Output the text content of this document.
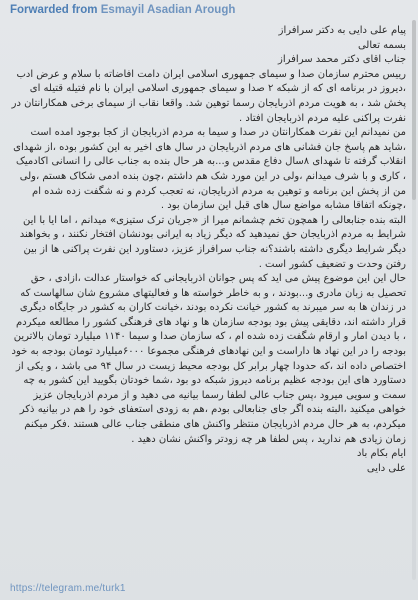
Forwarded from Esmayil Asadian Arough

پیام علی دایی به دکتر سرافراز

بسمه تعالی

جناب اقای دکتر محمد سرافراز

رییس محترم سازمان صدا و سیمای جمهوری اسلامی ایران دامت افاضاته با سلام و عرض ادب ،دیروز در برنامه ای که از شبکه ۲ صدا و سیمای جمهوری اسلامی ایران با نام فتیله قتیله ای پخش شد ، به هویت مردم اذربایجان رسما توهین شد. واقعا نقاب از سیمای برخی همکارانتان در نفرت پراکنی علیه مردم اذربایجان افتاد .

من نمیدانم این نفرت همکارانتان در صدا و سیما به مردم اذربایجان از کجا بوجود امده است ،شاید هم پاسخ جان فشانی های مردم اذربایجان در سال های اخیر به این کشور بوده ،از شهدای انقلاب گرفته تا شهدای ۸سال دفاع مقدس و...به هر حال بنده به جناب عالی را انسانی اکادمیک ، کاری و با شرف میدانم ،ولی در این مورد شک هم داشتم ،چون بنده ادمی شکاک هستم ،ولی من از پخش این برنامه و توهین به مردم اذربایجان، نه تعجب کردم و نه شگفت زده شده ام ،چونکه اتفاقا مشابه مواضع سال های قبل این سازمان بود .

البته بنده جنابعالی را همچون تخم چشمانم میرا از «جریان ترک ستیزی» میدانم ، اما ایا با این شرایط به مردم اذربایجان حق نمیدهید که دیگر زیاد به ایرانی بودنشان افتخار نکنند ، و بخواهند دیگر شرایط دیگری داشته باشند؟نه جناب سرافراز عزیز، دستاورد این نفرت پراکنی ها از بین رفتن وحدت و تضعیف کشور است .

حال این این موضوع پیش می اید که پس جوانان اذربایجانی که خواستار عدالت ،ازادی ، حق تحصیل به زبان مادری و...بودند ، و به خاطر خواسته ها و فعالیتهای مشروع شان سالهاست که در زندان ها به سر میبرند به کشور خیانت نکرده بودند ،خیانت کاران به کشور در جایگاه دیگری قرار داشته اند، دقایقی پیش بود بودجه سازمان ها و نهاد های فرهنگی کشور را مطالعه میکردم ، با دیدن امار و ارقام شگفت زده شده ام ، که سازمان صدا و سیما ۱۱۴۰ میلیارد تومان بالاترین بودجه را در این نهاد ها داراست و این نهادهای فرهنگی مجموعا ۶۰۰۰میلیارد تومان بودجه به خود اختصاص داده اند ،که حدودا چهار برابر کل بودجه محیط زیست در سال ۹۴ می باشد ، و یکی از دستاورد های این بودجه عظیم برنامه دیروز شبکه دو بود ،شما خودتان بگویید این کشور به چه سمت و سویی میرود ،پس جناب عالی لطفا رسما بیانیه می دهید و از مردم اذربایجان عزیز خواهی میکنید ،البته بنده اگر جای جنابعالی بودم ،هم به زودی استعفای خود را هم در بیانیه ذکر میکردم، به هر حال مردم اذربایجان منتظر واکنش های منطقی جناب عالی هستند .فکر میکنم زمان زیادی هم ندارید ، پس لطفا هر چه زودتر واکنش نشان دهید .

ایام بکام باد

علی دایی

https://telegram.me/turk1
